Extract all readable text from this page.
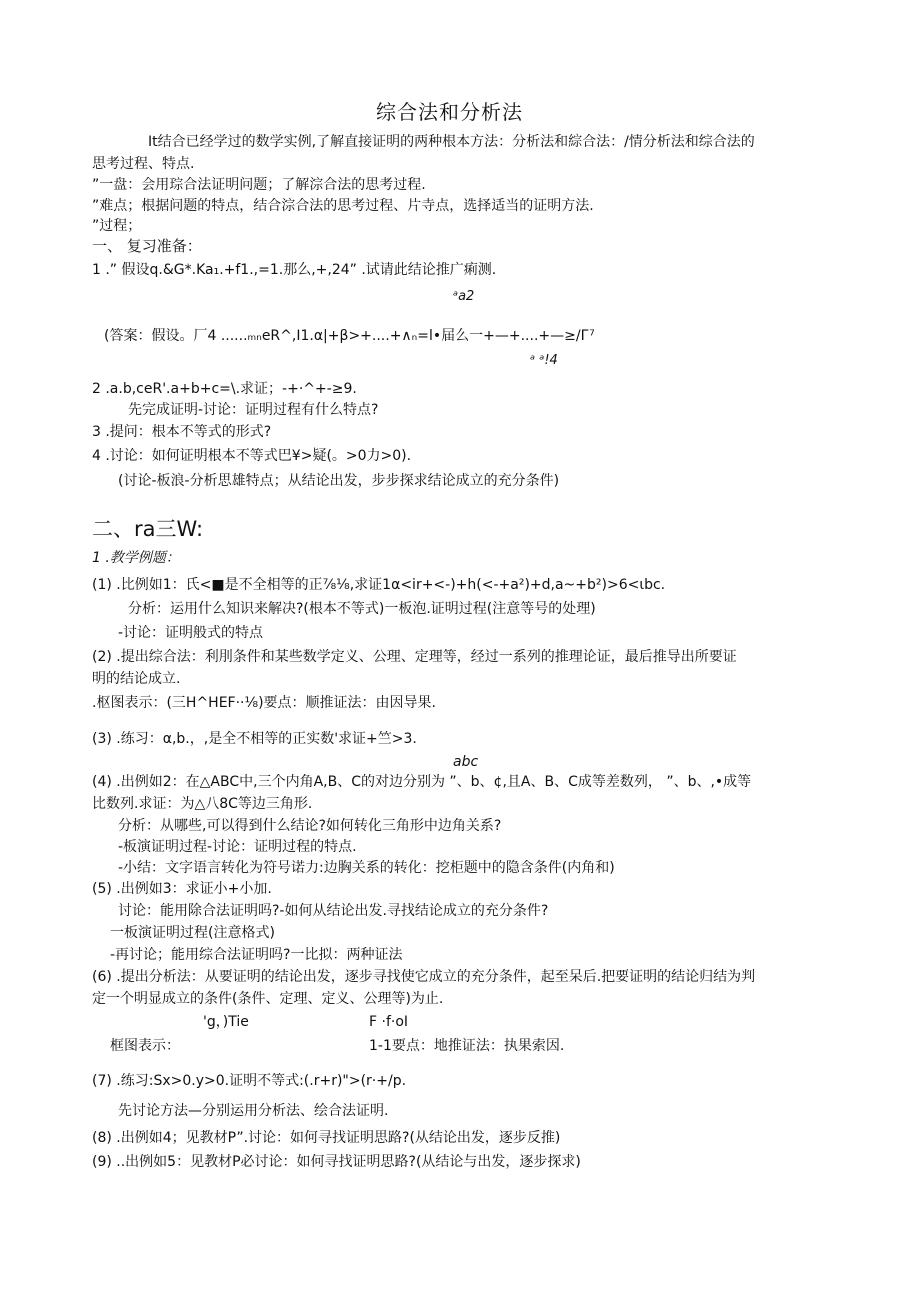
综合法和分析法
It结合已经学过的数学实例,了解直接证明的两种根本方法：分析法和綜合法：/情分析法和综合法的
思考过程、特点.
”一盘：会用琮合法证明问题；了解淙合法的思考过程.
”难点；根据问题的特点，结合淙合法的思考过程、片寺点，选择适当的证明方法.
”过程；
一、 复习准备：
1 .” 假设q.&G*.Ka₁.+f1.,=1.那么,+,24” .试请此结论推广痢测.
ᵃa2
(答案：假设。厂4 ......ₘₙeR^,I1.α|+β>+....+∧ₙ=l•届么一+—+....+—≥/Г⁷
ᵃ ᵃ!4
2 .a.b,ceR'.a+b+c=\.求证；-+·^+-≥9.
先完成证明-讨论：证明过程有什么特点?
3 .提问：根本不等式的形式?
4 .讨论：如何证明根本不等式巴¥>疑(。>0力>0).
(讨论-板浪-分析思雄特点；从结论出发，步步探求结论成立的充分条件)
二、ra三W:
1 .教学例题：
(1) .比例如1：氏<■是不全相等的正⅞⅛,求证1α<ir+<-)+h(<-+a²)+d,a~+b²)>6<ιbc.
分析：运用什么知识来解决?(根本不等式)一板泡.证明过程(注意等号的处理)
-讨论：证明般式的特点
(2) .提出综合法：利刖条件和某些数学定义、公理、定理等，经过一系列的推理论证，最后推导出所要证
明的结论成立.
.枢图表示：(三H^HEF··⅛)要点：顺推证法：由因导果.
(3) .练习：α,b.，,是全不相等的正实数'求证+竺>3.
abc
(4) .出例如2：在△ABC中,三个内角A,B、C的对边分别为 ”、b、¢,且A、B、C成等差数列， ”、b、,•成等
比数列.求证：为△八8C等边三角形.
分析：从哪些,可以得到什么结论?如何转化三角形中边角关系?
-板演证明过程-讨论：证明过程的特点.
-小结：文字语言转化为符号诺力:边胸关系的转化：挖柜题中的隐含条件(内角和)
(5) .出例如3：求证小+小加.
讨论：能用除合法证明吗?-如何从结论出发.寻找结论成立的充分条件?
一板演证明过程(注意格式)
-再讨论；能用综合法证明吗?一比拟：两种证法
(6) .提出分析法：从要证明的结论出发，逐步寻找使它成立的充分条件，起至呆后.把要证明的结论归结为判
定一个明显成立的条件(条件、定理、定义、公理等)为止.
'g，)Tie	F ·f·oI
框图表示：	1-1要点：地推证法：执果索因.
(7) .练习:Sx>0.y>0.证明不等式:(.r+r)">(r·+/p.
先讨论方法—分别运用分析法、绘合法证明.
(8) .出例如4；见教材P”.讨论：如何寻找证明思路?(从结论出发，逐步反推)
(9) ..出例如5：见教材P必讨论：如何寻找证明思路?(从结论与出发，逐步探求)
